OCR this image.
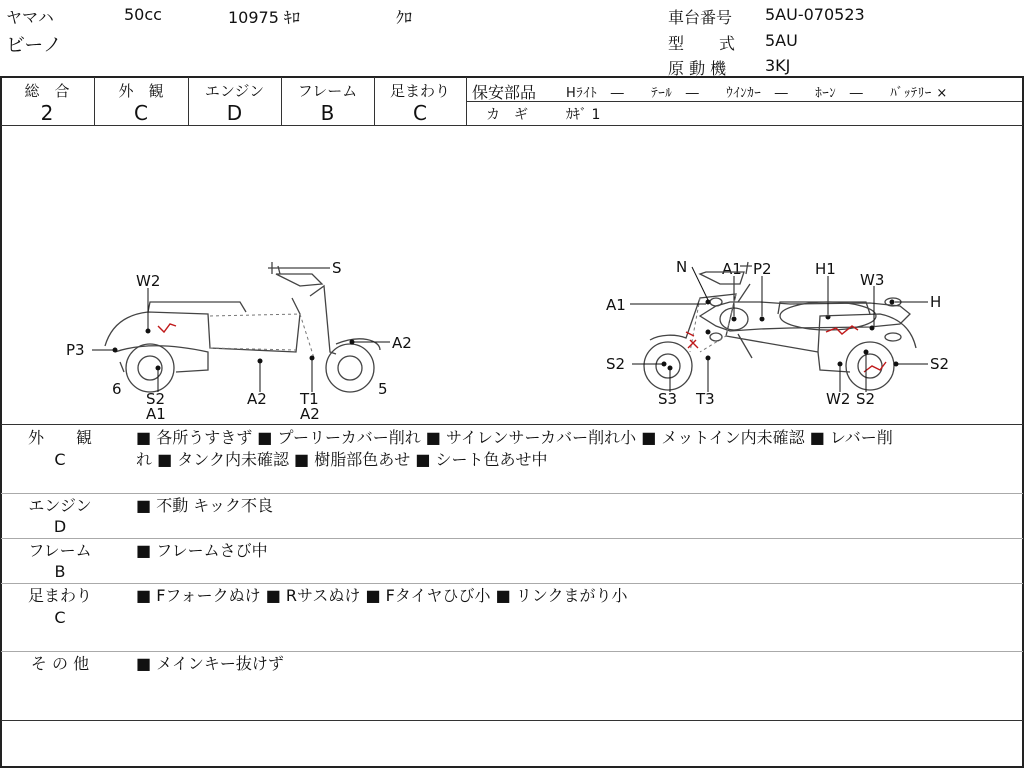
ヤマハ
ビーノ
50cc	10975 ｷﾛ	ｸﾛ	車台番号 5AU-070523
型　　式 5AU
原 動 機 3KJ
総　合
2
外　観
C
エンジン
D
フレーム
B
足まわり
C
保安部品 Hﾗｲﾄ　―　　ﾃｰﾙ　―　　ｳｲﾝｶｰ　―　　ﾎｰﾝ　―　　ﾊﾞｯﾃﾘｰ ×
カ　ギ	ｶｷﾞ 1
A1 P2	H1
H
S
W2
P3
6
S2
A1
A2 T1
A2
A2
5
N
W3
A1
S2
S3 T3	W2 S2
S2
外　　観
C
■ 各所うすきず ■ プーリーカバー削れ ■ サイレンサーカバー削れ小 ■ メットイン内未確認 ■ レバー削
れ ■ タンク内未確認 ■ 樹脂部色あせ ■ シート色あせ中
エンジン
D
■ 不動 キック不良
フレーム
B
■ フレームさび中
足まわり
C
■ Fフォークぬけ ■ Rサスぬけ ■ Fタイヤひび小 ■ リンクまがり小
そ の 他	■ メインキー抜けず
